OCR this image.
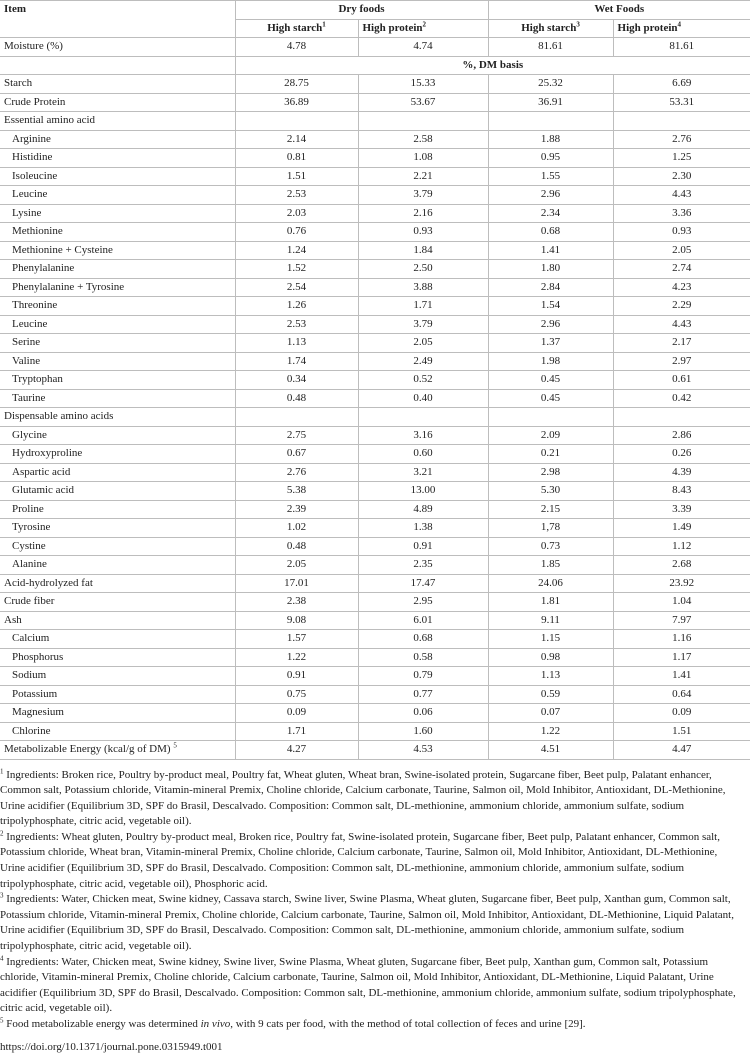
Item	Dry foods		Wet Foods	
	High starch$^1$	High protein$^2$	High starch$^3$	High protein$^4$
Moisture (%)	4.78	4.74	81.61	81.61
	%, DM basis			
Starch	28.75	15.33	25.32	6.69
Crude Protein	36.89	53.67	36.91	53.31
Essential amino acid				
Arginine	2.14	2.58	1.88	2.76
Histidine	0.81	1.08	0.95	1.25
Isoleucine	1.51	2.21	1.55	2.30
Leucine	2.53	3.79	2.96	4.43
Lysine	2.03	2.16	2.34	3.36
Methionine	0.76	0.93	0.68	0.93
Methionine + Cysteine	1.24	1.84	1.41	2.05
Phenylalanine	1.52	2.50	1.80	2.74
Phenylalanine + Tyrosine	2.54	3.88	2.84	4.23
Threonine	1.26	1.71	1.54	2.29
Leucine	2.53	3.79	2.96	4.43
Serine	1.13	2.05	1.37	2.17
Valine	1.74	2.49	1.98	2.97
Tryptophan	0.34	0.52	0.45	0.61
Taurine	0.48	0.40	0.45	0.42
Dispensable amino acids				
Glycine	2.75	3.16	2.09	2.86
Hydroxyproline	0.67	0.60	0.21	0.26
Aspartic acid	2.76	3.21	2.98	4.39
Glutamic acid	5.38	13.00	5.30	8.43
Proline	2.39	4.89	2.15	3.39
Tyrosine	1.02	1.38	1,78	1.49
Cystine	0.48	0.91	0.73	1.12
Alanine	2.05	2.35	1.85	2.68
Acid-hydrolyzed fat	17.01	17.47	24.06	23.92
Crude fiber	2.38	2.95	1.81	1.04
Ash	9.08	6.01	9.11	7.97
Calcium	1.57	0.68	1.15	1.16
Phosphorus	1.22	0.58	0.98	1.17
Sodium	0.91	0.79	1.13	1.41
Potassium	0.75	0.77	0.59	0.64
Magnesium	0.09	0.06	0.07	0.09
Chlorine	1.71	1.60	1.22	1.51
Metabolizable Energy (kcal/g of DM) $^5$	4.27	4.53	4.51	4.47

$^1$ Ingredients: Broken rice, Poultry by-product meal, Poultry fat, Wheat gluten, Wheat bran, Swine-isolated protein, Sugarcane fiber, Beet pulp, Palatant enhancer, Common salt, Potassium chloride, Vitamin-mineral Premix, Choline chloride, Calcium carbonate, Taurine, Salmon oil, Mold Inhibitor, Antioxidant, DL-Methionine, Urine acidifier (Equilibrium 3D, SPF do Brasil, Descalvado. Composition: Common salt, DL-methionine, ammonium chloride, ammonium sulfate, sodium tripolyphosphate, citric acid, vegetable oil).

$^2$ Ingredients: Wheat gluten, Poultry by-product meal, Broken rice, Poultry fat, Swine-isolated protein, Sugarcane fiber, Beet pulp, Palatant enhancer, Common salt, Potassium chloride, Wheat bran, Vitamin-mineral Premix, Choline chloride, Calcium carbonate, Taurine, Salmon oil, Mold Inhibitor, Antioxidant, DL-Methionine, Urine acidifier (Equilibrium 3D, SPF do Brasil, Descalvado. Composition: Common salt, DL-methionine, ammonium chloride, ammonium sulfate, sodium tripolyphosphate, citric acid, vegetable oil), Phosphoric acid.

$^3$ Ingredients: Water, Chicken meat, Swine kidney, Cassava starch, Swine liver, Swine Plasma, Wheat gluten, Sugarcane fiber, Beet pulp, Xanthan gum, Common salt, Potassium chloride, Vitamin-mineral Premix, Choline chloride, Calcium carbonate, Taurine, Salmon oil, Mold Inhibitor, Antioxidant, DL-Methionine, Liquid Palatant, Urine acidifier (Equilibrium 3D, SPF do Brasil, Descalvado. Composition: Common salt, DL-methionine, ammonium chloride, ammonium sulfate, sodium tripolyphosphate, citric acid, vegetable oil).

$^4$ Ingredients: Water, Chicken meat, Swine kidney, Swine liver, Swine Plasma, Wheat gluten, Sugarcane fiber, Beet pulp, Xanthan gum, Common salt, Potassium chloride, Vitamin-mineral Premix, Choline chloride, Calcium carbonate, Taurine, Salmon oil, Mold Inhibitor, Antioxidant, DL-Methionine, Liquid Palatant, Urine acidifier (Equilibrium 3D, SPF do Brasil, Descalvado. Composition: Common salt, DL-methionine, ammonium chloride, ammonium sulfate, sodium tripolyphosphate, citric acid, vegetable oil).

$^5$ Food metabolizable energy was determined in vivo, with 9 cats per food, with the method of total collection of feces and urine [29].

https://doi.org/10.1371/journal.pone.0315949.t001
